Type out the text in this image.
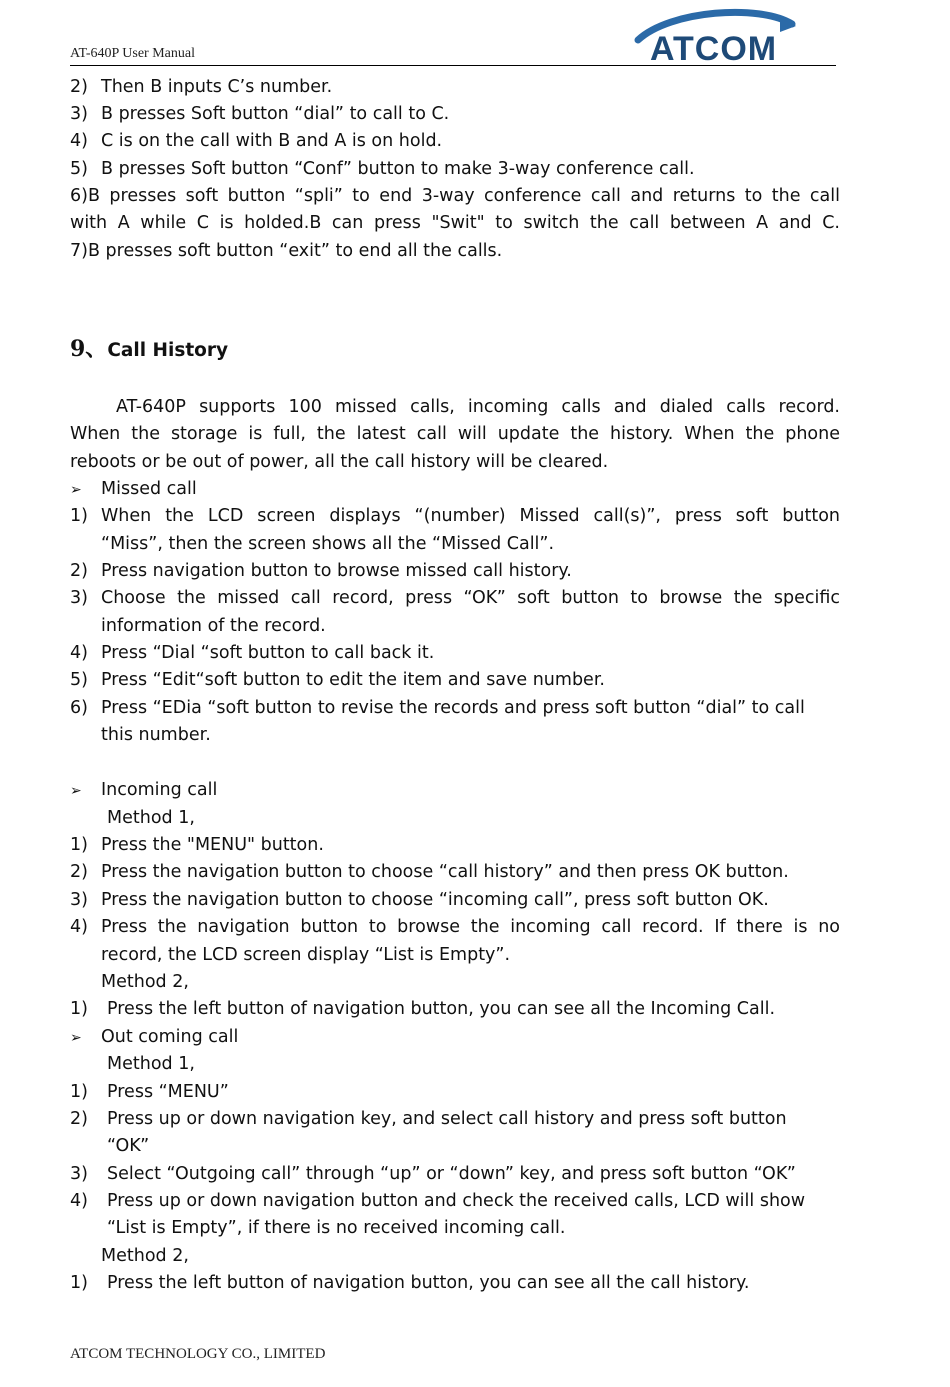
AT-640P User Manual	ATCOM
2) Then B inputs C’s number.
3) B presses Soft button “dial” to call to C.
4) C is on the call with B and A is on hold.
5) B presses Soft button “Conf” button to make 3-way conference call.
6)B presses soft button “spli” to end 3-way conference call and returns to the call
with A while C is holded.B can press "Swit" to switch the call between A and C.
7)B presses soft button “exit” to end all the calls.
9、Call History
AT-640P supports 100 missed calls, incoming calls and dialed calls record.
When the storage is full, the latest call will update the history. When the phone
reboots or be out of power, all the call history will be cleared.
➢ Missed call
1) When the LCD screen displays “(number) Missed call(s)”, press soft button
“Miss”, then the screen shows all the “Missed Call”.
2) Press navigation button to browse missed call history.
3) Choose the missed call record, press “OK” soft button to browse the specific
information of the record.
4) Press “Dial “soft button to call back it.
5) Press “Edit“soft button to edit the item and save number.
6) Press “EDia “soft button to revise the records and press soft button “dial” to call
this number.
➢ Incoming call
Method 1,
1) Press the "MENU" button.
2) Press the navigation button to choose “call history” and then press OK button.
3) Press the navigation button to choose “incoming call”, press soft button OK.
4) Press the navigation button to browse the incoming call record. If there is no
record, the LCD screen display “List is Empty”.
Method 2,
1) Press the left button of navigation button, you can see all the Incoming Call.
➢ Out coming call
Method 1,
1) Press “MENU”
2) Press up or down navigation key, and select call history and press soft button
“OK”
3) Select “Outgoing call” through “up” or “down” key, and press soft button “OK”
4) Press up or down navigation button and check the received calls, LCD will show
“List is Empty”, if there is no received incoming call.
Method 2,
1) Press the left button of navigation button, you can see all the call history.
ATCOM TECHNOLOGY CO., LIMITED
